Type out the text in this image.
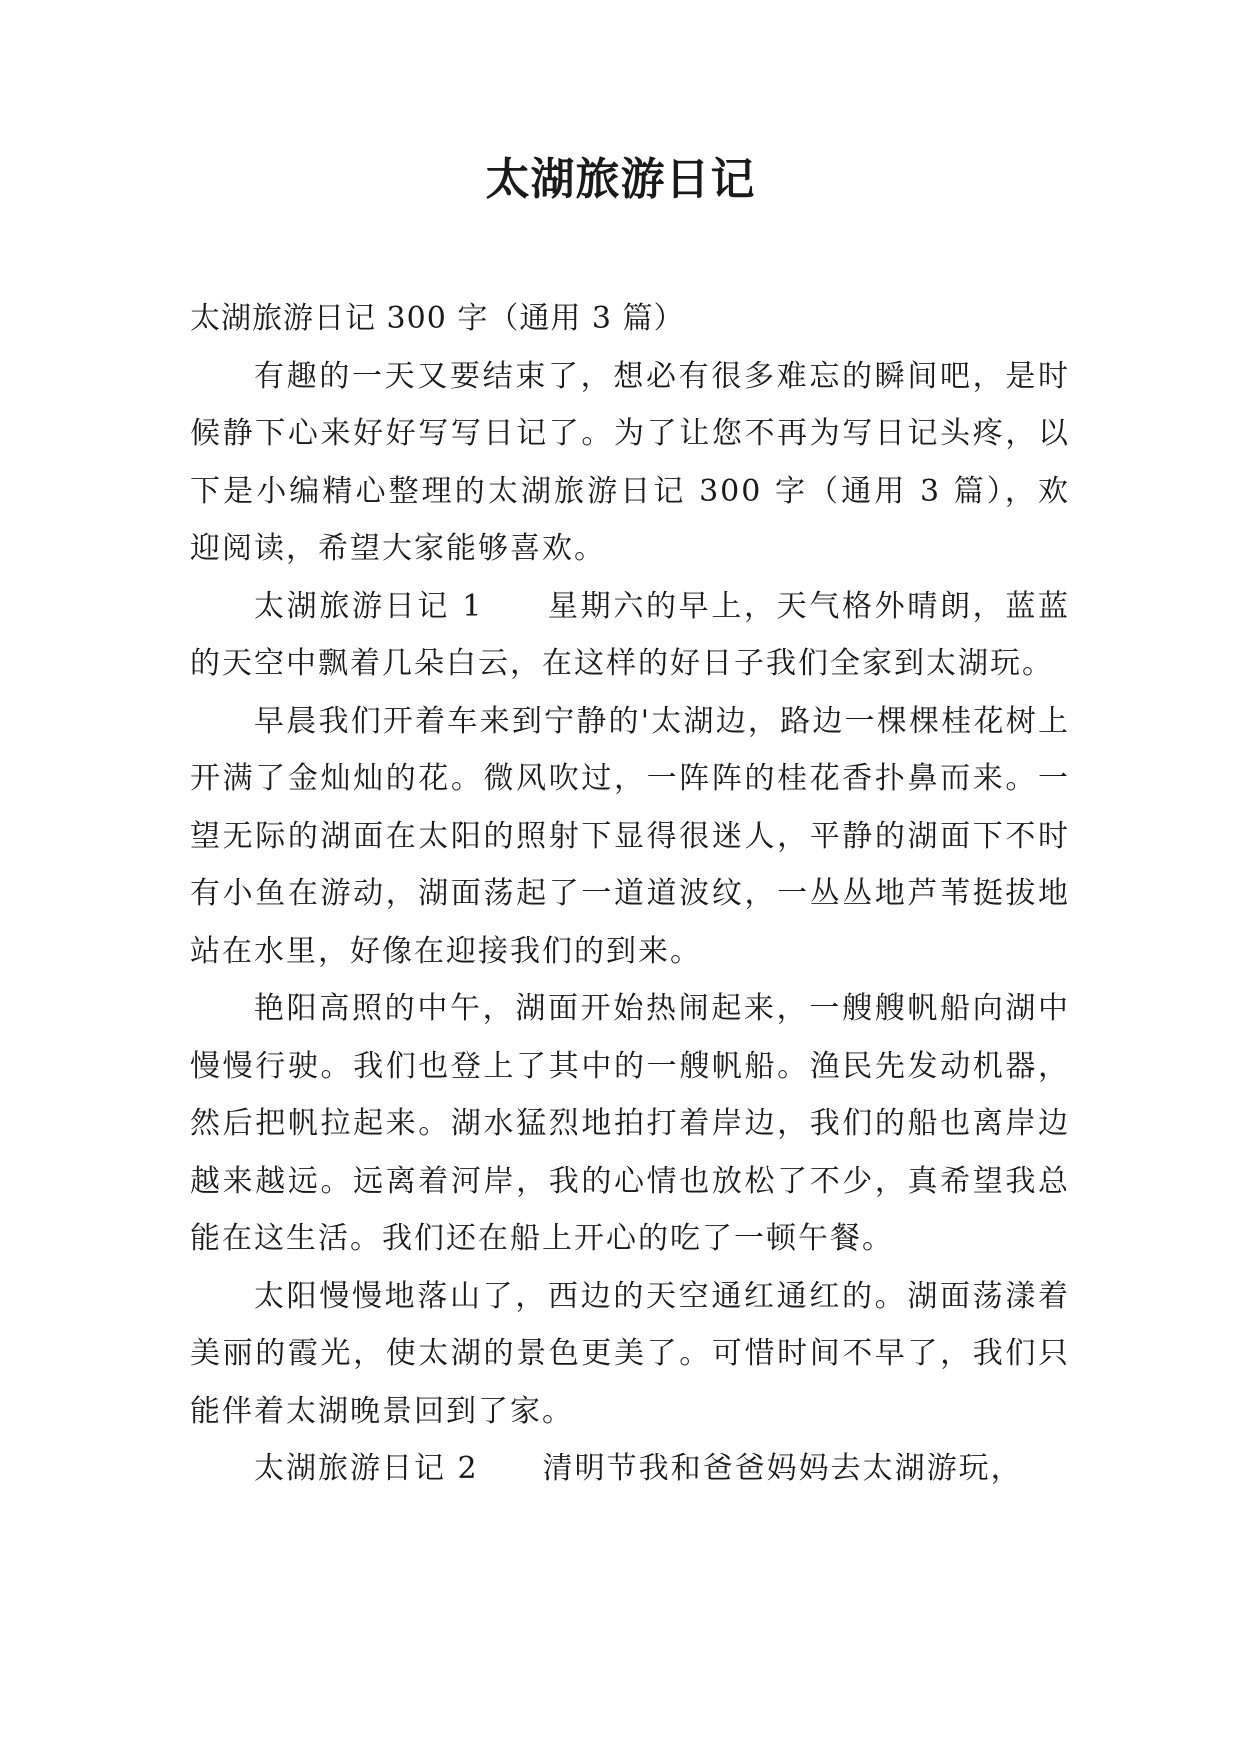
太湖旅游日记

太湖旅游日记 300 字（通用 3 篇）

有趣的一天又要结束了，想必有很多难忘的瞬间吧，是时候静下心来好好写写日记了。为了让您不再为写日记头疼，以下是小编精心整理的太湖旅游日记 300 字（通用 3 篇），欢迎阅读，希望大家能够喜欢。

太湖旅游日记 1 星期六的早上，天气格外晴朗，蓝蓝的天空中飘着几朵白云，在这样的好日子我们全家到太湖玩。

早晨我们开着车来到宁静的'太湖边，路边一棵棵桂花树上开满了金灿灿的花。微风吹过，一阵阵的桂花香扑鼻而来。一望无际的湖面在太阳的照射下显得很迷人，平静的湖面下不时有小鱼在游动，湖面荡起了一道道波纹，一丛丛地芦苇挺拔地站在水里，好像在迎接我们的到来。

艳阳高照的中午，湖面开始热闹起来，一艘艘帆船向湖中慢慢行驶。我们也登上了其中的一艘帆船。渔民先发动机器，然后把帆拉起来。湖水猛烈地拍打着岸边，我们的船也离岸边越来越远。远离着河岸，我的心情也放松了不少，真希望我总能在这生活。我们还在船上开心的吃了一顿午餐。

太阳慢慢地落山了，西边的天空通红通红的。湖面荡漾着美丽的霞光，使太湖的景色更美了。可惜时间不早了，我们只能伴着太湖晚景回到了家。

太湖旅游日记 2 清明节我和爸爸妈妈去太湖游玩，
